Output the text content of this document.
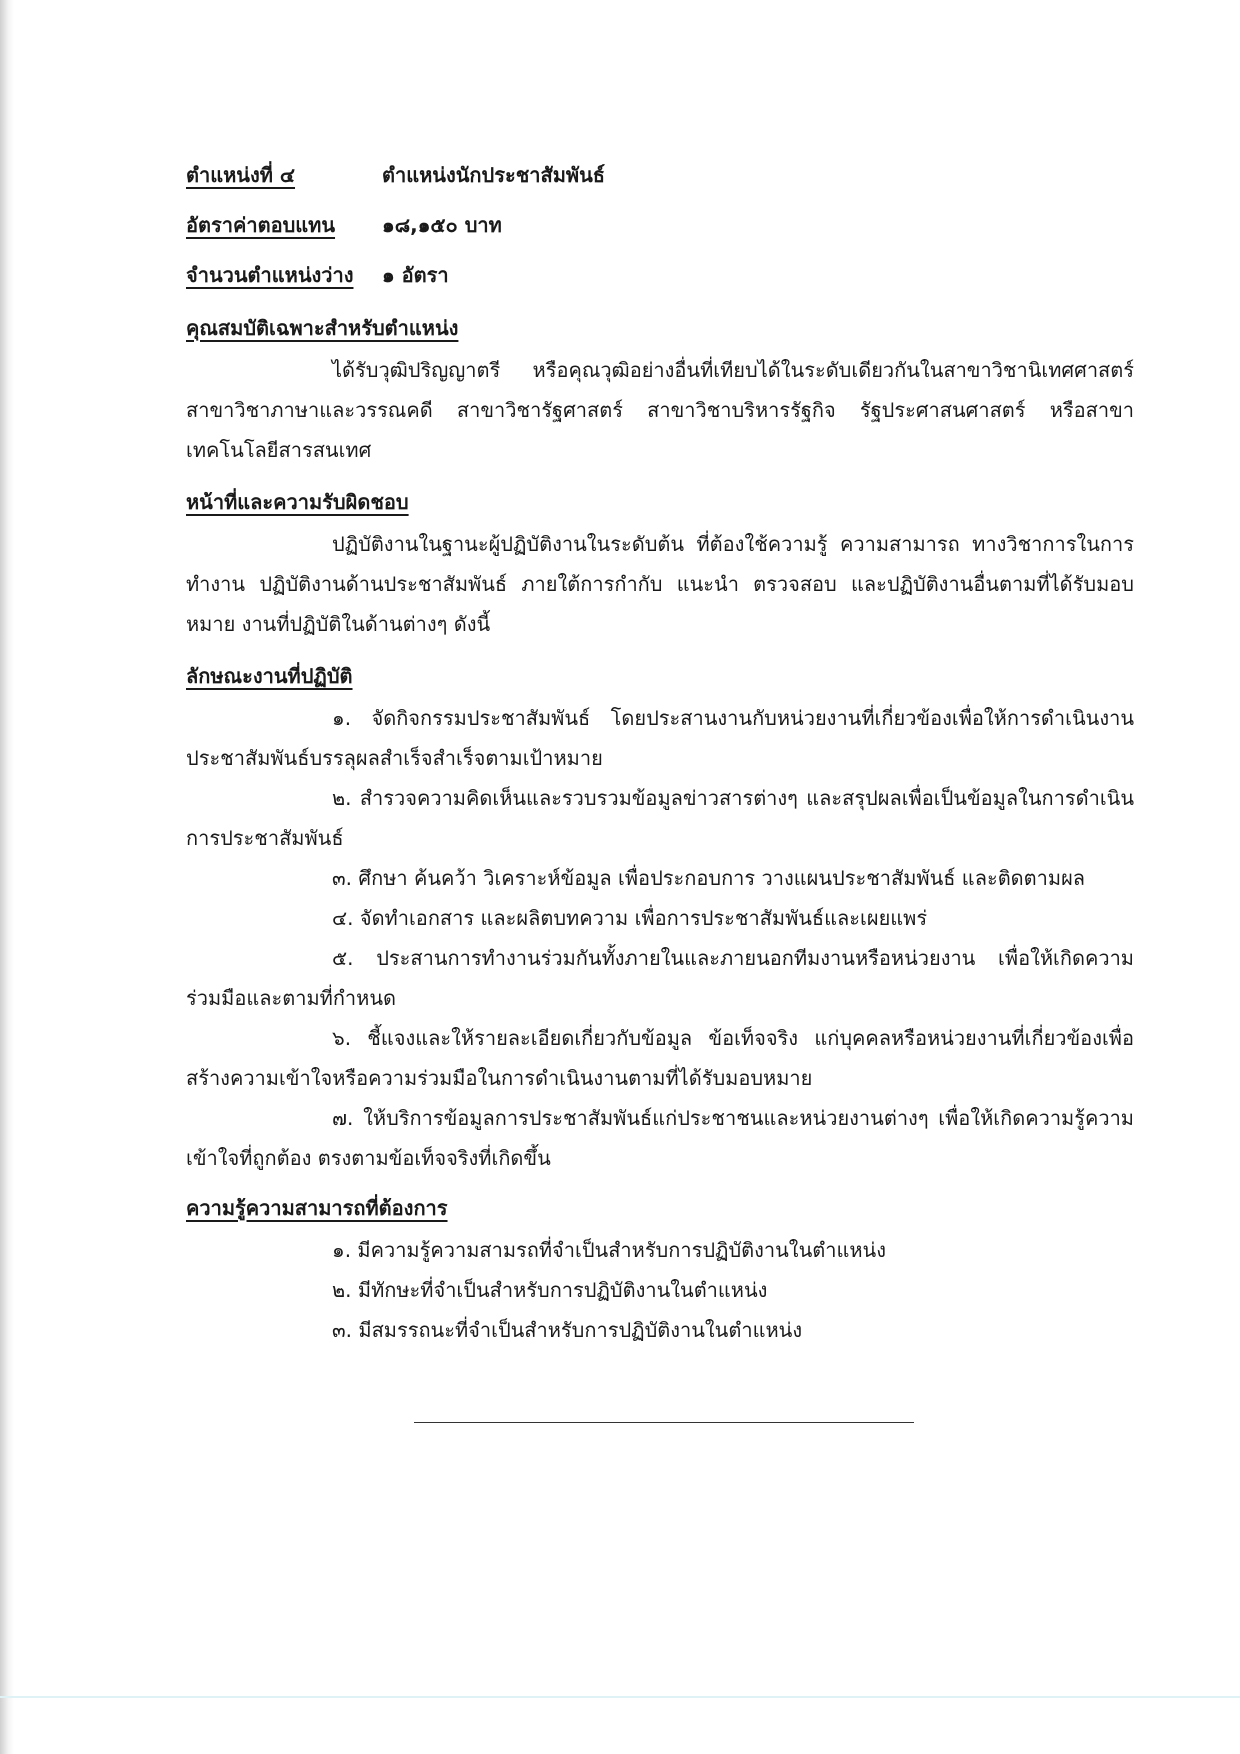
ตำแหน่งที่ ๔	ตำแหน่งนักประชาสัมพันธ์
อัตราค่าตอบแทน	๑๘,๑๕๐ บาท
จำนวนตำแหน่งว่าง	๑ อัตรา
คุณสมบัติเฉพาะสำหรับตำแหน่ง

ได้รับวุฒิปริญญาตรี หรือคุณวุฒิอย่างอื่นที่เทียบได้ในระดับเดียวกันในสาขาวิชานิเทศศาสตร์ สาขาวิชาภาษาและวรรณคดี สาขาวิชารัฐศาสตร์ สาขาวิชาบริหารรัฐกิจ รัฐประศาสนศาสตร์ หรือสาขาเทคโนโลยีสารสนเทศ

หน้าที่และความรับผิดชอบ

ปฏิบัติงานในฐานะผู้ปฏิบัติงานในระดับต้น ที่ต้องใช้ความรู้ ความสามารถ ทางวิชาการในการทำงาน ปฏิบัติงานด้านประชาสัมพันธ์ ภายใต้การกำกับ แนะนำ ตรวจสอบ และปฏิบัติงานอื่นตามที่ได้รับมอบหมาย งานที่ปฏิบัติในด้านต่างๆ ดังนี้

ลักษณะงานที่ปฏิบัติ

๑. จัดกิจกรรมประชาสัมพันธ์ โดยประสานงานกับหน่วยงานที่เกี่ยวข้องเพื่อให้การดำเนินงานประชาสัมพันธ์บรรลุผลสำเร็จสำเร็จตามเป้าหมาย

๒. สำรวจความคิดเห็นและรวบรวมข้อมูลข่าวสารต่างๆ และสรุปผลเพื่อเป็นข้อมูลในการดำเนินการประชาสัมพันธ์

๓. ศึกษา ค้นคว้า วิเคราะห์ข้อมูล เพื่อประกอบการ วางแผนประชาสัมพันธ์ และติดตามผล

๔. จัดทำเอกสาร และผลิตบทความ เพื่อการประชาสัมพันธ์และเผยแพร่

๕. ประสานการทำงานร่วมกันทั้งภายในและภายนอกทีมงานหรือหน่วยงาน เพื่อให้เกิดความร่วมมือและตามที่กำหนด

๖. ชี้แจงและให้รายละเอียดเกี่ยวกับข้อมูล ข้อเท็จจริง แก่บุคคลหรือหน่วยงานที่เกี่ยวข้องเพื่อสร้างความเข้าใจหรือความร่วมมือในการดำเนินงานตามที่ได้รับมอบหมาย

๗. ให้บริการข้อมูลการประชาสัมพันธ์แก่ประชาชนและหน่วยงานต่างๆ เพื่อให้เกิดความรู้ความเข้าใจที่ถูกต้อง ตรงตามข้อเท็จจริงที่เกิดขึ้น

ความรู้ความสามารถที่ต้องการ

๑. มีความรู้ความสามรถที่จำเป็นสำหรับการปฏิบัติงานในตำแหน่ง

๒. มีทักษะที่จำเป็นสำหรับการปฏิบัติงานในตำแหน่ง

๓. มีสมรรถนะที่จำเป็นสำหรับการปฏิบัติงานในตำแหน่ง
